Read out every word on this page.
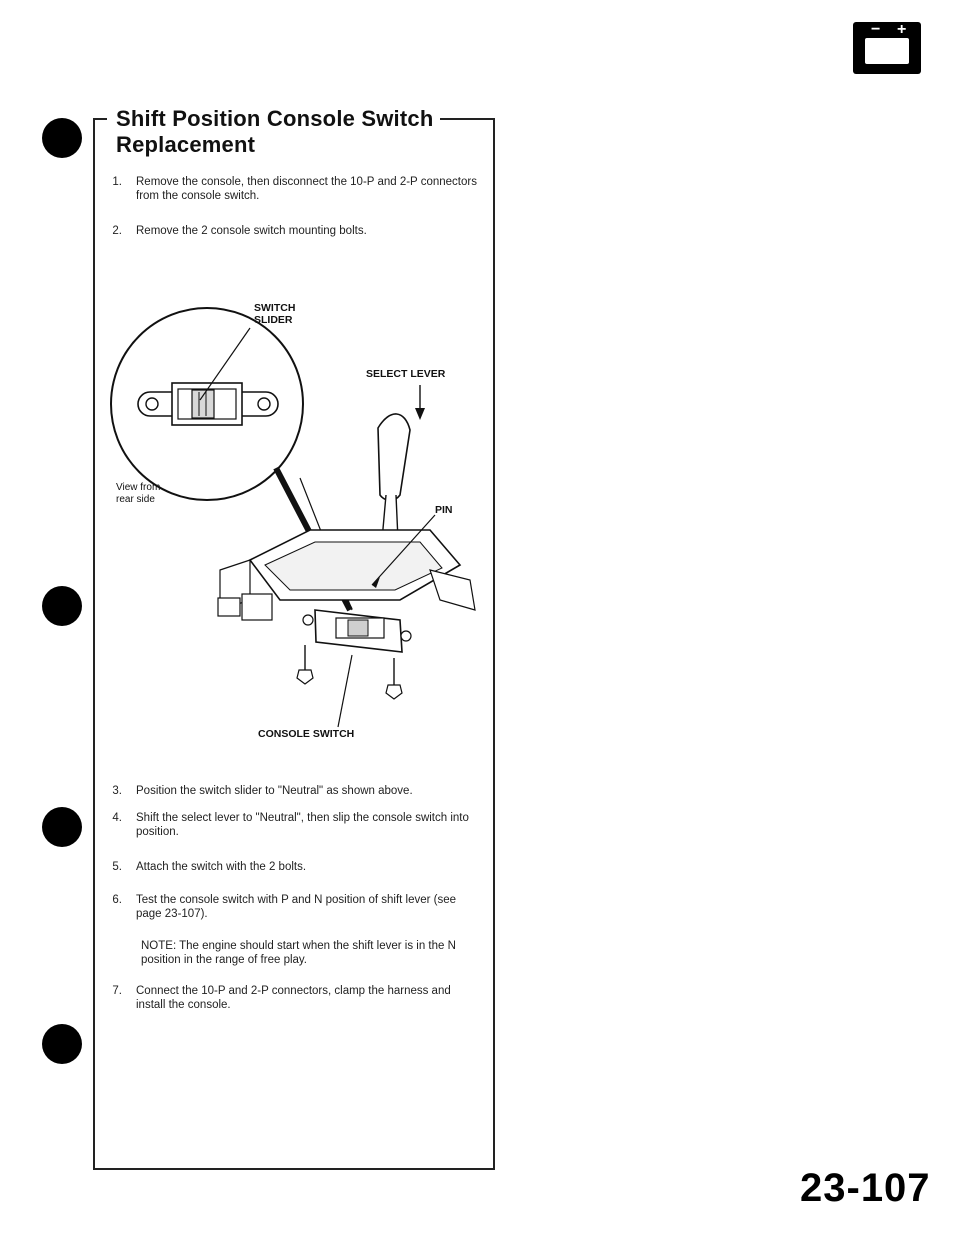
− +
Shift Position Console Switch
Replacement
1. Remove the console, then disconnect the 10-P and 2-P connectors from the console switch.
2. Remove the 2 console switch mounting bolts.
SWITCH
SLIDER
SELECT LEVER
View from
rear side
PIN
CONSOLE SWITCH
3. Position the switch slider to "Neutral" as shown above.
4. Shift the select lever to "Neutral", then slip the console switch into position.
5. Attach the switch with the 2 bolts.
6. Test the console switch with P and N position of shift lever (see page 23-107).
NOTE: The engine should start when the shift lever is in the N position in the range of free play.
7. Connect the 10-P and 2-P connectors, clamp the harness and install the console.
23-107
